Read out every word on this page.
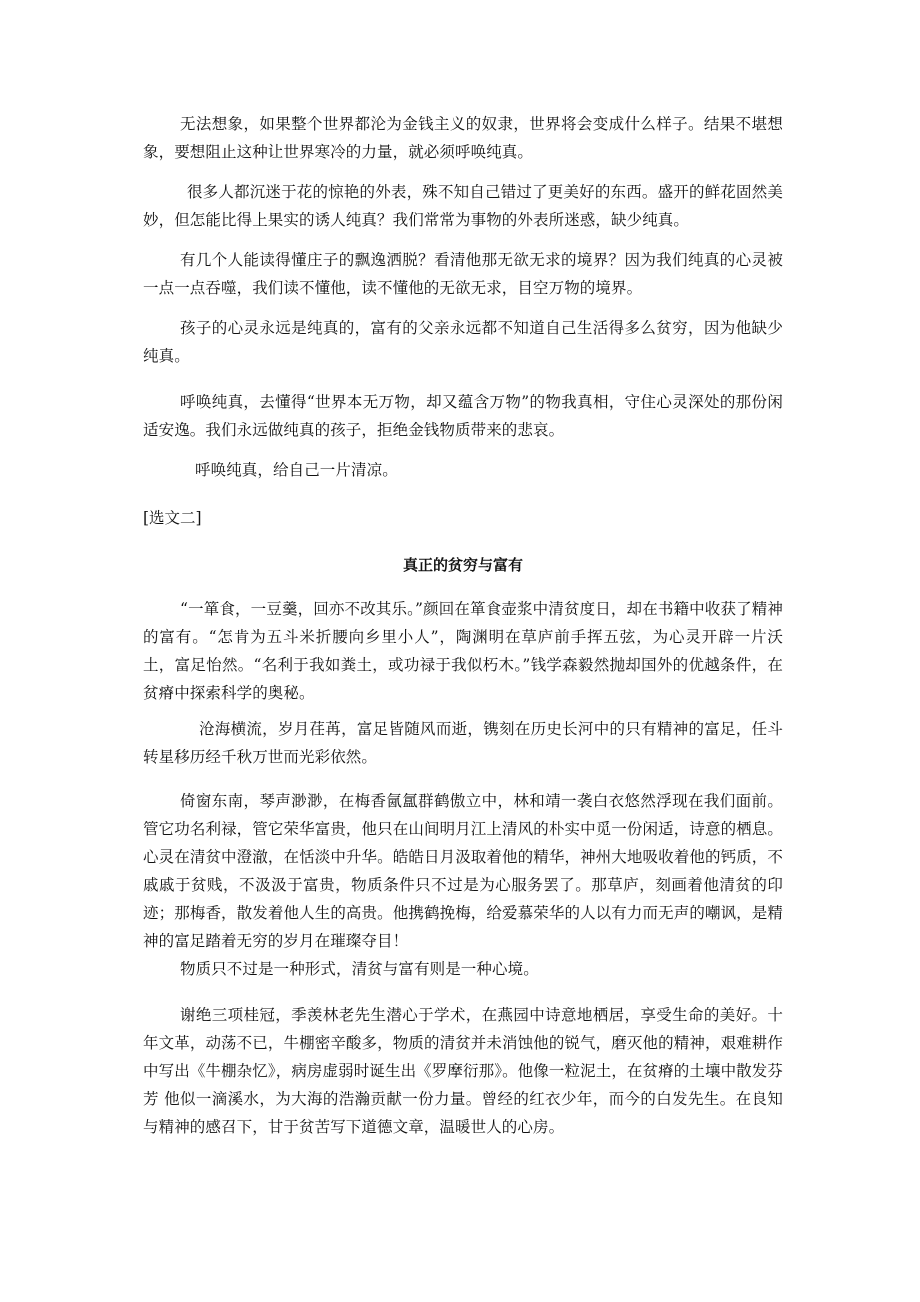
无法想象，如果整个世界都沦为金钱主义的奴隶，世界将会变成什么样子。结果不堪想象，要想阻止这种让世界寒冷的力量，就必须呼唤纯真。

很多人都沉迷于花的惊艳的外表，殊不知自己错过了更美好的东西。盛开的鲜花固然美妙，但怎能比得上果实的诱人纯真？我们常常为事物的外表所迷惑，缺少纯真。

有几个人能读得懂庄子的飘逸洒脱？看清他那无欲无求的境界？因为我们纯真的心灵被一点一点吞噬，我们读不懂他，读不懂他的无欲无求，目空万物的境界。

孩子的心灵永远是纯真的，富有的父亲永远都不知道自己生活得多么贫穷，因为他缺少纯真。

呼唤纯真，去懂得“世界本无万物，却又蕴含万物”的物我真相，守住心灵深处的那份闲适安逸。我们永远做纯真的孩子，拒绝金钱物质带来的悲哀。

呼唤纯真，给自己一片清凉。

[选文二]

真正的贫穷与富有

“一箪食，一豆羹，回亦不改其乐。”颜回在箪食壶浆中清贫度日，却在书籍中收获了精神的富有。“怎肯为五斗米折腰向乡里小人”，陶渊明在草庐前手挥五弦，为心灵开辟一片沃土，富足怡然。“名利于我如粪土，或功禄于我似朽木。”钱学森毅然抛却国外的优越条件，在贫瘠中探索科学的奥秘。

沧海横流，岁月荏苒，富足皆随风而逝，镌刻在历史长河中的只有精神的富足，任斗转星移历经千秋万世而光彩依然。

倚窗东南，琴声渺渺，在梅香氤氲群鹤傲立中，林和靖一袭白衣悠然浮现在我们面前。管它功名利禄，管它荣华富贵，他只在山间明月江上清风的朴实中觅一份闲适，诗意的栖息。心灵在清贫中澄澈，在恬淡中升华。皓皓日月汲取着他的精华，神州大地吸收着他的钙质，不戚戚于贫贱，不汲汲于富贵，物质条件只不过是为心服务罢了。那草庐，刻画着他清贫的印迹；那梅香，散发着他人生的高贵。他携鹤挽梅，给爱慕荣华的人以有力而无声的嘲讽，是精神的富足踏着无穷的岁月在璀璨夺目！

物质只不过是一种形式，清贫与富有则是一种心境。

谢绝三项桂冠，季羡林老先生潜心于学术，在燕园中诗意地栖居，享受生命的美好。十年文革，动荡不已，牛棚密辛酸多，物质的清贫并未消蚀他的锐气，磨灭他的精神，艰难耕作中写出《牛棚杂忆》，病房虚弱时诞生出《罗摩衍那》。他像一粒泥土，在贫瘠的土壤中散发芬芳 他似一滴溪水，为大海的浩瀚贡献一份力量。曾经的红衣少年，而今的白发先生。在良知与精神的感召下，甘于贫苦写下道德文章，温暖世人的心房。
